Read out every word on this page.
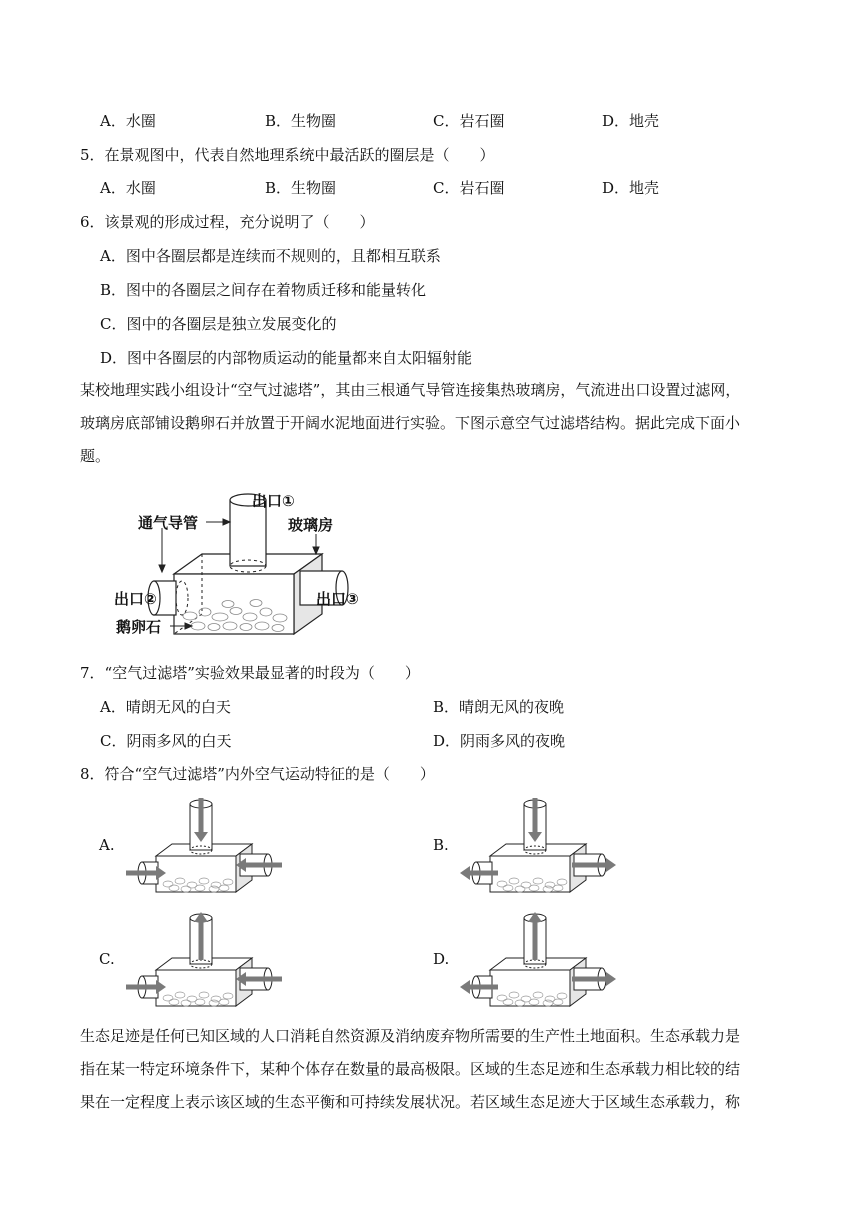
A．水圈	B．生物圈	C．岩石圈	D．地壳
5．在景观图中，代表自然地理系统中最活跃的圈层是（　　）
A．水圈	B．生物圈	C．岩石圈	D．地壳
6．该景观的形成过程，充分说明了（　　）
A．图中各圈层都是连续而不规则的，且都相互联系
B．图中的各圈层之间存在着物质迁移和能量转化
C．图中的各圈层是独立发展变化的
D．图中各圈层的内部物质运动的能量都来自太阳辐射能
某校地理实践小组设计“空气过滤塔”，其由三根通气导管连接集热玻璃房，气流进出口设置过滤网，
玻璃房底部铺设鹅卵石并放置于开阔水泥地面进行实验。下图示意空气过滤塔结构。据此完成下面小
题。
出口①
通气导管	玻璃房
出口②	出口③
鹅卵石
7．“空气过滤塔”实验效果最显著的时段为（　　）
A．晴朗无风的白天	B．晴朗无风的夜晚
C．阴雨多风的白天	D．阴雨多风的夜晚
8．符合“空气过滤塔”内外空气运动特征的是（　　）
A.	B.
C.	D.
生态足迹是任何已知区域的人口消耗自然资源及消纳废弃物所需要的生产性土地面积。生态承载力是
指在某一特定环境条件下，某种个体存在数量的最高极限。区域的生态足迹和生态承载力相比较的结
果在一定程度上表示该区域的生态平衡和可持续发展状况。若区域生态足迹大于区域生态承载力，称
